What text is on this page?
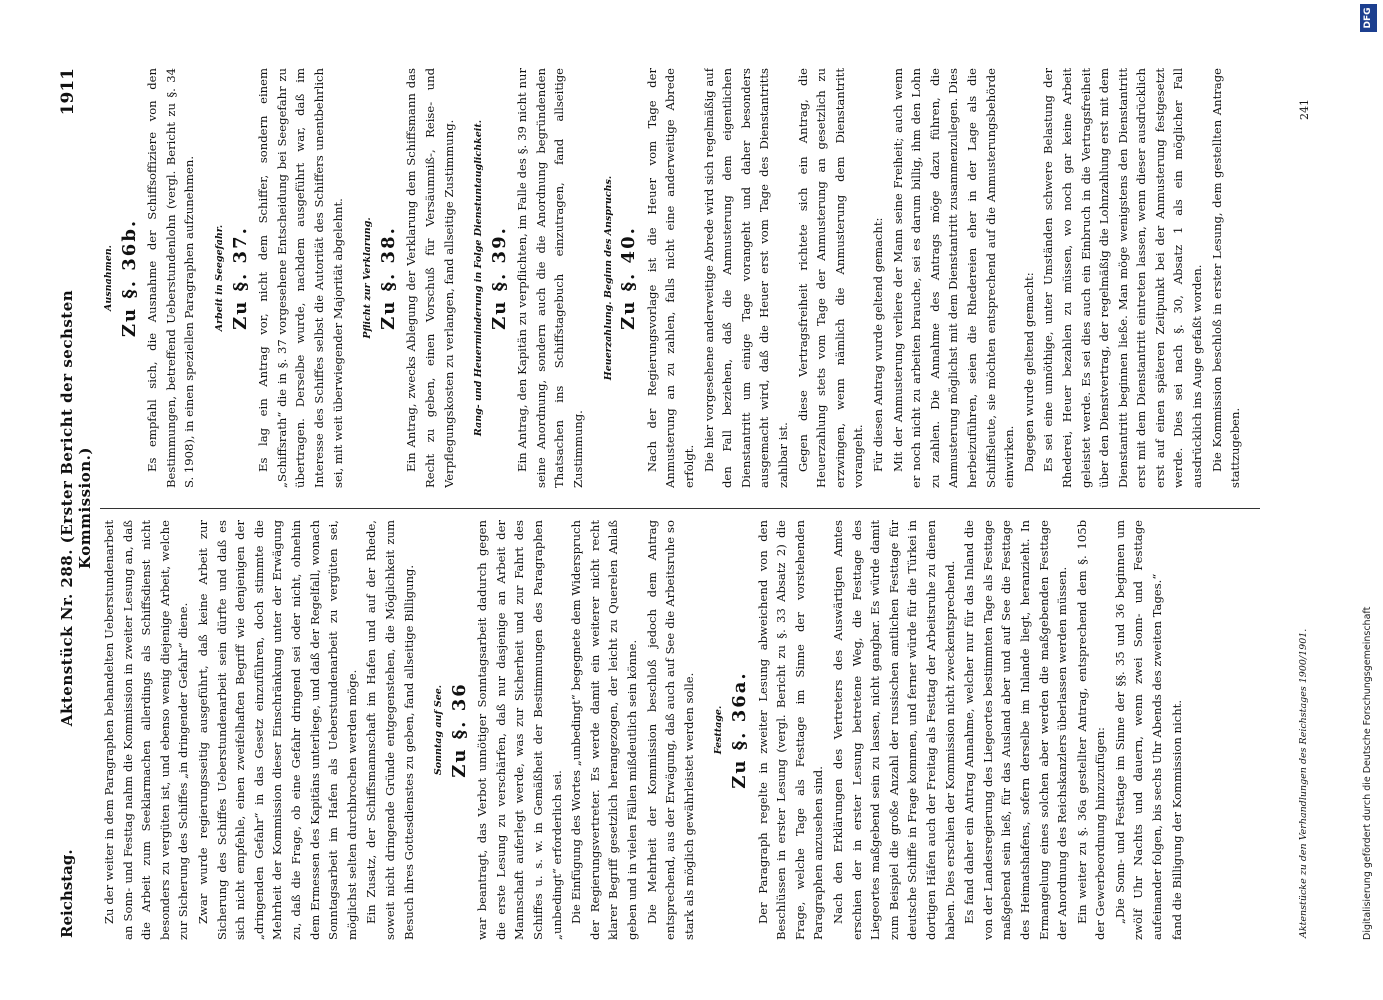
Reichstag.
Aktenstück Nr. 288. (Erster Bericht der sechsten Kommission.)
1911

Zu der weiter in dem Paragraphen behandelten Ueberstundenarbeit an Sonn- und Festtag nahm die Kommission in zweiter Lesung an, daß die Arbeit zum Seeklarmachen allerdings als Schiffsdienst nicht besonders zu vergüten ist, und ebenso wenig diejenige Arbeit, welche zur Sicherung des Schiffes „in dringender Gefahr“ diene. Zwar wurde regierungsseitig ausgeführt, daß keine Arbeit zur Sicherung des Schiffes Ueberstundenarbeit sein dürfte und daß es sich nicht empfehle, einen zweifelhaften Begriff wie denjenigen der „dringenden Gefahr“ in das Gesetz einzuführen, doch stimmte die Mehrheit der Kommission dieser Einschränkung unter der Erwägung zu, daß die Frage, ob eine Gefahr dringend sei oder nicht, ohnehin dem Ermessen des Kapitäns unterliege, und daß der Regelfall, wonach Sonntagsarbeit im Hafen als Ueberstundenarbeit zu vergüten sei, möglichst selten durchbrochen werden möge. Ein Zusatz, der Schiffsmannschaft im Hafen und auf der Rhede, soweit nicht dringende Gründe entgegenstehen, die Möglichkeit zum Besuch ihres Gottesdienstes zu geben, fand allseitige Billigung.	Sonntag auf See. Zu §. 36 war beantragt, das Verbot unnötiger Sonntagsarbeit dadurch gegen die erste Lesung zu verschärfen, daß nur dasjenige an Arbeit der Mannschaft auferlegt werde, was zur Sicherheit und zur Fahrt des Schiffes u. s. w. in Gemäßheit der Bestimmungen des Paragraphen „unbedingt“ erforderlich sei. Die Einfügung des Wortes „unbedingt“ begegnete dem Widerspruch der Regierungsvertreter. Es werde damit ein weiterer nicht recht klarer Begriff gesetzlich herangezogen, der leicht zu Querelen Anlaß geben und in vielen Fällen mißdeutlich sein könne. Die Mehrheit der Kommission beschloß jedoch dem Antrag entsprechend, aus der Erwägung, daß auch auf See die Arbeitsruhe so stark als möglich gewährleistet werden solle.	Festtage. Zu §. 36a. Der Paragraph regelte in zweiter Lesung abweichend von den Beschlüssen in erster Lesung (vergl. Bericht zu §. 33 Absatz 2) die Frage, welche Tage als Festtage im Sinne der vorstehenden Paragraphen anzusehen sind. Nach den Erklärungen des Vertreters des Auswärtigen Amtes erschien der in erster Lesung betretene Weg, die Festtage des Liegeortes maßgebend sein zu lassen, nicht gangbar. Es würde damit zum Beispiel die große Anzahl der russischen amtlichen Festtage für deutsche Schiffe in Frage kommen, und ferner würde für die Türkei in dortigen Häfen auch der Freitag als Festtag der Arbeitsruhe zu dienen haben. Dies erschien der Kommission nicht zweckentsprechend. Es fand daher ein Antrag Annahme, welcher nur für das Inland die von der Landesregierung des Liegeortes bestimmten Tage als Festtage maßgebend sein ließ, für das Ausland aber und auf See die Festtage des Heimatshafens, sofern derselbe im Inlande liegt, heranzieht. In Ermangelung eines solchen aber werden die maßgebenden Festtage der Anordnung des Reichskanzlers überlassen werden müssen. Ein weiter zu §. 36a gestellter Antrag, entsprechend dem §. 105b der Gewerbeordnung hinzuzufügen: „Die Sonn- und Festtage im Sinne der §§. 35 und 36 beginnen um zwölf Uhr Nachts und dauern, wenn zwei Sonn- und Festtage aufeinander folgen, bis sechs Uhr Abends des zweiten Tages.“ fand die Billigung der Kommission nicht.

Ausnahmen. Zu §. 36b. Es empfahl sich, die Ausnahme der Schiffsoffiziere von den Bestimmungen, betreffend Ueberstundenlohn (vergl. Bericht zu §. 34 S. 1908), in einen speziellen Paragraphen aufzunehmen.	Arbeit in Seegefahr. Zu §. 37. Es lag ein Antrag vor, nicht dem Schiffer, sondern einem „Schiffsrath“ die in §. 37 vorgesehene Entscheidung bei Seegefahr zu übertragen. Derselbe wurde, nachdem ausgeführt war, daß im Interesse des Schiffes selbst die Autorität des Schiffers unentbehrlich sei, mit weit überwiegender Majorität abgelehnt.	Pflicht zur Verklarung. Zu §. 38. Ein Antrag, zwecks Ablegung der Verklarung dem Schiffsmann das Recht zu geben, einen Vorschuß für Versäumniß-, Reise- und Verpflegungskosten zu verlangen, fand allseitige Zustimmung.	Rang- und Heuerminderung in Folge Dienstuntauglichkeit. Zu §. 39. Ein Antrag, den Kapitän zu verpflichten, im Falle des §. 39 nicht nur seine Anordnung, sondern auch die die Anordnung begründenden Thatsachen ins Schiffstagebuch einzutragen, fand allseitige Zustimmung.

Heuerzahlung. Beginn des Anspruchs. Zu §. 40. Nach der Regierungsvorlage ist die Heuer vom Tage der Anmusterung an zu zahlen, falls nicht eine anderweitige Abrede erfolgt. Die hier vorgesehene anderweitige Abrede wird sich regelmäßig auf den Fall beziehen, daß die Anmusterung dem eigentlichen Dienstantritt um einige Tage vorangeht und daher besonders ausgemacht wird, daß die Heuer erst vom Tage des Dienstantritts zahlbar ist. Gegen diese Vertragsfreiheit richtete sich ein Antrag, die Heuerzahlung stets vom Tage der Anmusterung an gesetzlich zu erzwingen, wenn nämlich die Anmusterung dem Dienstantritt vorangeht. Für diesen Antrag wurde geltend gemacht: Mit der Anmusterung verliere der Mann seine Freiheit; auch wenn er noch nicht zu arbeiten brauche, sei es darum billig, ihm den Lohn zu zahlen. Die Annahme des Antrags möge dazu führen, die Anmusterung möglichst mit dem Dienstantritt zusammenzulegen. Dies herbeizuführen, seien die Rhedereien eher in der Lage als die Schiffsleute, sie möchten entsprechend auf die Anmusterungsbehörde einwirken. Dagegen wurde geltend gemacht: Es sei eine unnöthige, unter Umständen schwere Belastung der Rhederei, Heuer bezahlen zu müssen, wo noch gar keine Arbeit geleistet werde. Es sei dies auch ein Einbruch in die Vertragsfreiheit über den Dienstvertrag, der regelmäßig die Lohnzahlung erst mit dem Dienstantritt beginnen ließe. Man möge wenigstens den Dienstantritt erst mit dem Dienstantritt eintreten lassen, wenn dieser ausdrücklich erst auf einen späteren Zeitpunkt bei der Anmusterung festgesetzt werde. Dies sei nach §. 30, Absatz 1 als ein möglicher Fall ausdrücklich ins Auge gefaßt worden. Die Kommission beschloß in erster Lesung, dem gestellten Antrage stattzugeben.

Aktenstücke zu den Verhandlungen des Reichstages 1900/1901.
241
Digitalisierung gefördert durch die Deutsche Forschungsgemeinschaft
DFG
